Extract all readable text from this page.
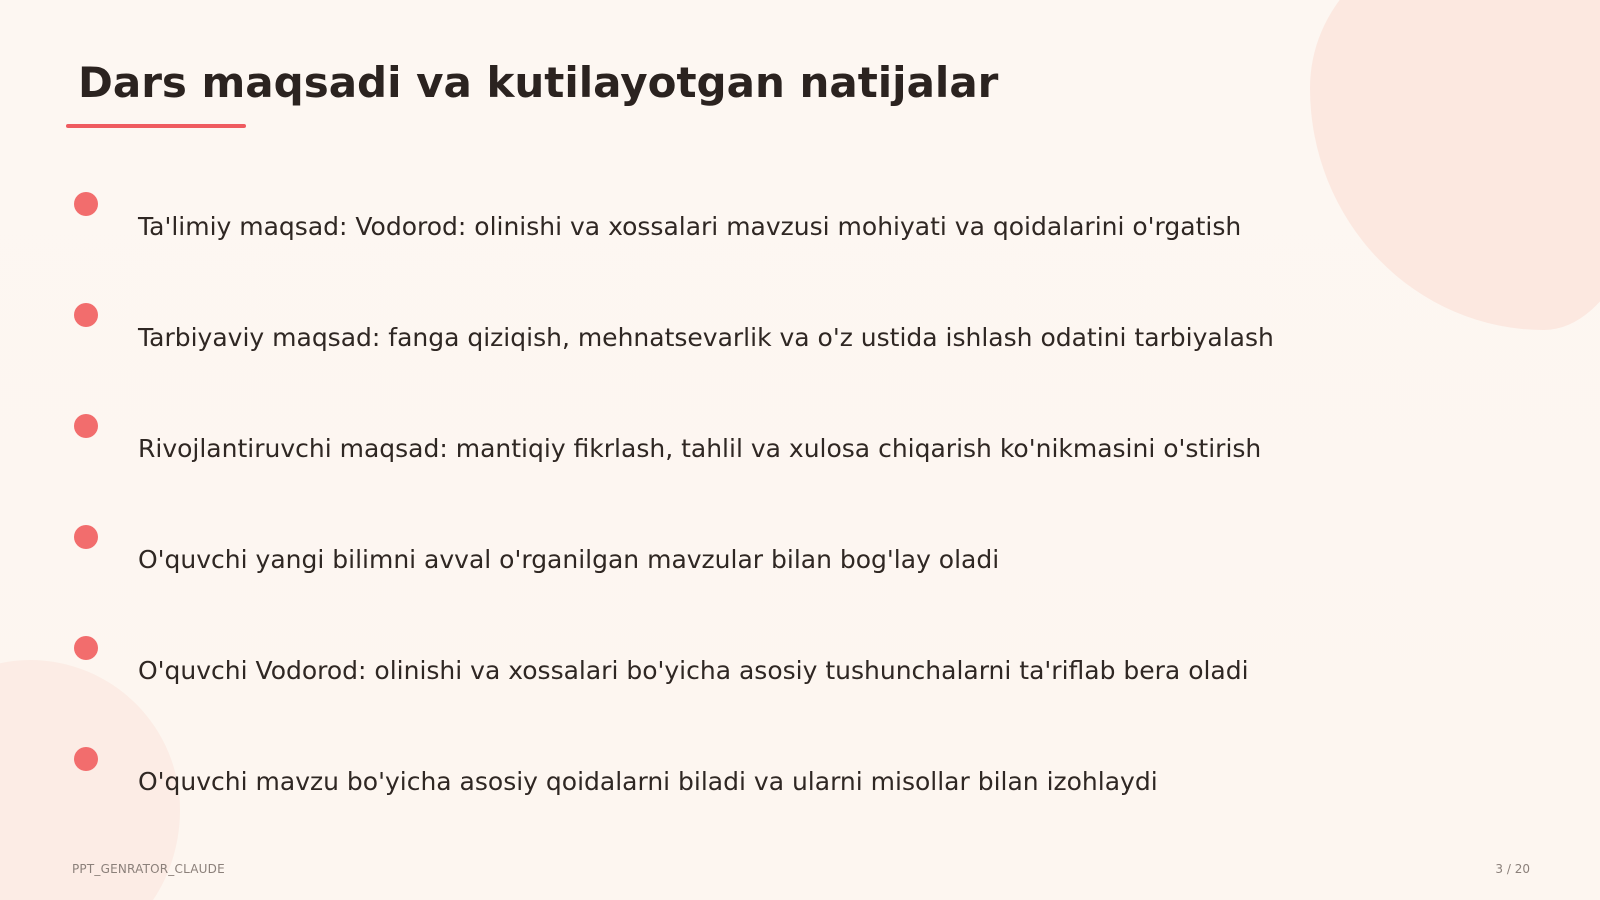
Dars maqsadi va kutilayotgan natijalar
Ta'limiy maqsad: Vodorod: olinishi va xossalari mavzusi mohiyati va qoidalarini o'rgatish
Tarbiyaviy maqsad: fanga qiziqish, mehnatsevarlik va o'z ustida ishlash odatini tarbiyalash
Rivojlantiruvchi maqsad: mantiqiy fikrlash, tahlil va xulosa chiqarish ko'nikmasini o'stirish
O'quvchi yangi bilimni avval o'rganilgan mavzular bilan bog'lay oladi
O'quvchi Vodorod: olinishi va xossalari bo'yicha asosiy tushunchalarni ta'riflab bera oladi
O'quvchi mavzu bo'yicha asosiy qoidalarni biladi va ularni misollar bilan izohlaydi
PPT_GENRATOR_CLAUDE	3 / 20
